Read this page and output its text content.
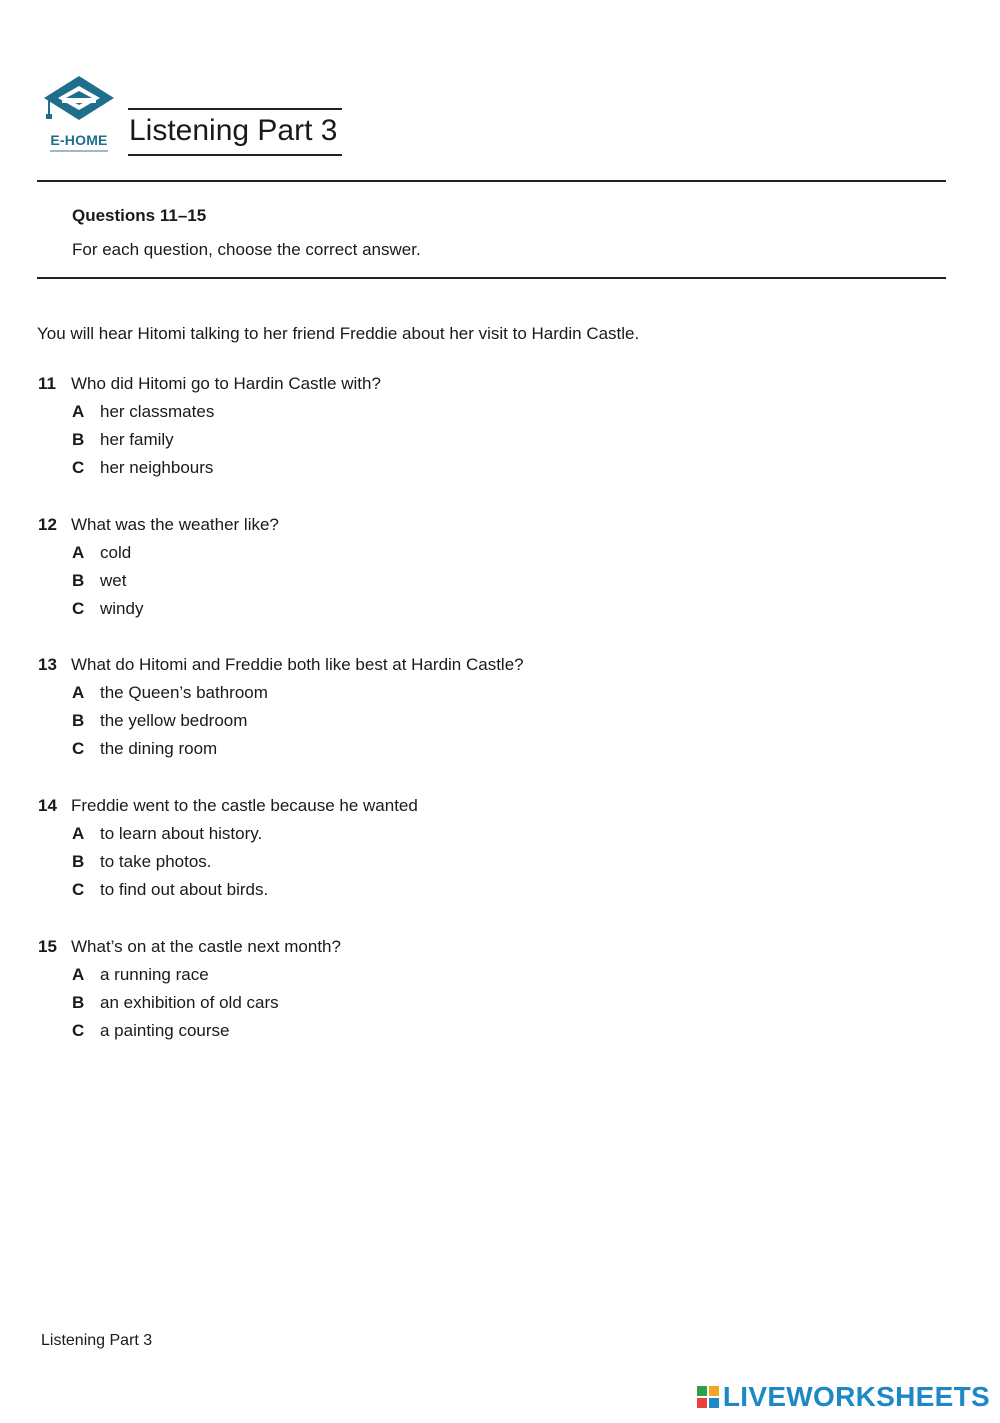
E-HOME Listening Part 3
Questions 11–15
For each question, choose the correct answer.
You will hear Hitomi talking to her friend Freddie about her visit to Hardin Castle.
11 Who did Hitomi go to Hardin Castle with?
A her classmates
B her family
C her neighbours
12 What was the weather like?
A cold
B wet
C windy
13 What do Hitomi and Freddie both like best at Hardin Castle?
A the Queen’s bathroom
B the yellow bedroom
C the dining room
14 Freddie went to the castle because he wanted
A to learn about history.
B to take photos.
C to find out about birds.
15 What’s on at the castle next month?
A a running race
B an exhibition of old cars
C a painting course
Listening Part 3
LIVEWORKSHEETS
